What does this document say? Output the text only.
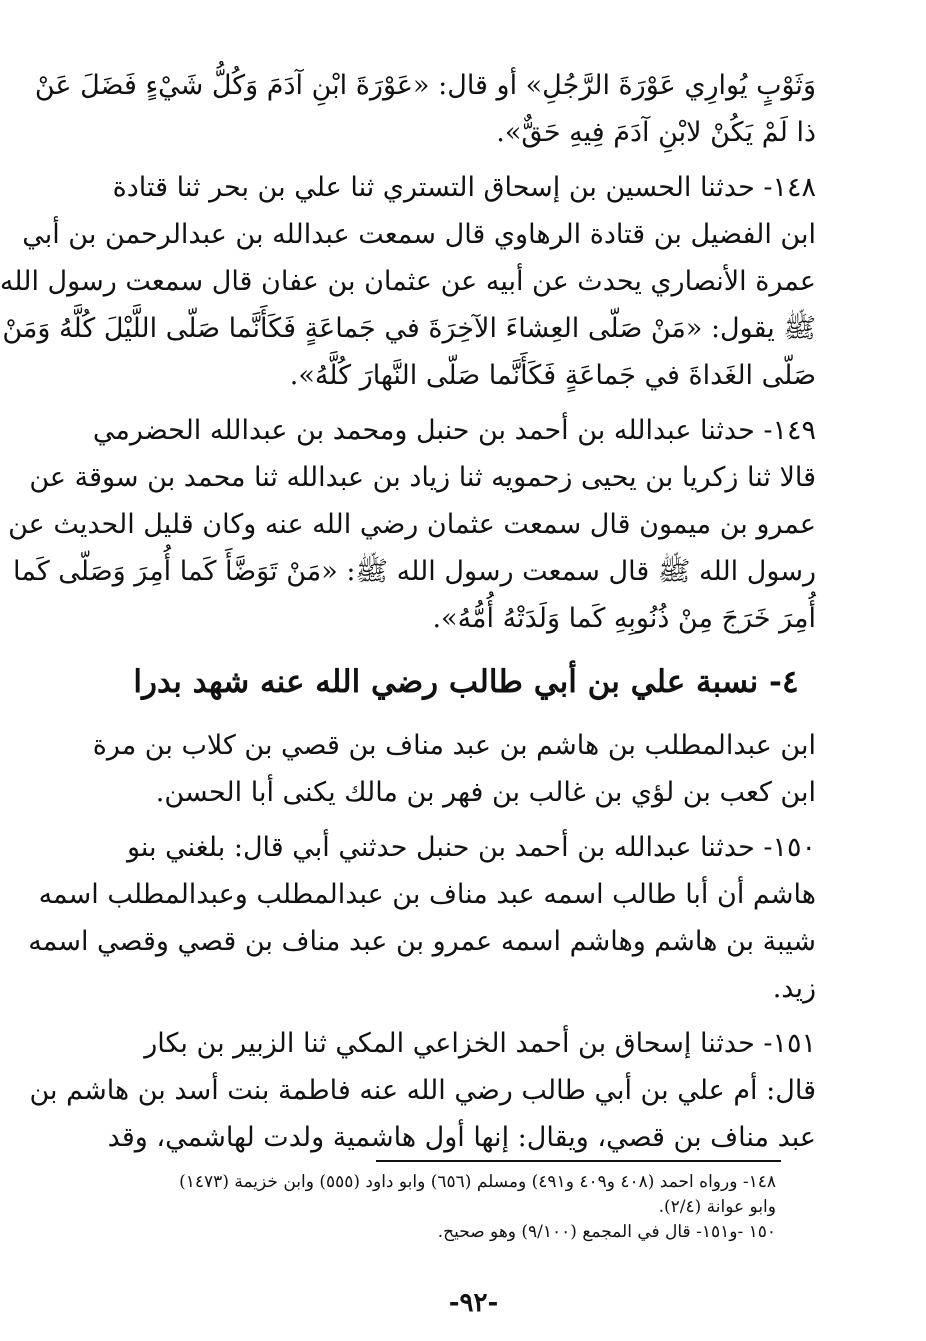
وَثَوْبٍ يُوارِي عَوْرَةَ الرَّجُلِ» أو قال: «عَوْرَةَ ابْنِ آدَمَ وَكُلُّ شَيْءٍ فَضَلَ عَنْ

ذا لَمْ يَكُنْ لابْنِ آدَمَ فِيهِ حَقٌّ».

١٤٨- حدثنا الحسين بن إسحاق التستري ثنا علي بن بحر ثنا قتادة

ابن الفضيل بن قتادة الرهاوي قال سمعت عبدالله بن عبدالرحمن بن أبي

عمرة الأنصاري يحدث عن أبيه عن عثمان بن عفان قال سمعت رسول الله

ﷺ يقول: «مَنْ صَلّى العِشاءَ الآخِرَةَ في جَماعَةٍ فَكَأَنَّما صَلّى اللَّيْلَ كُلَّهُ وَمَنْ

صَلّى الغَداةَ في جَماعَةٍ فَكَأَنَّما صَلّى النَّهارَ كُلَّهُ».

١٤٩- حدثنا عبدالله بن أحمد بن حنبل ومحمد بن عبدالله الحضرمي

قالا ثنا زكريا بن يحيى زحمويه ثنا زياد بن عبدالله ثنا محمد بن سوقة عن

عمرو بن ميمون قال سمعت عثمان رضي الله عنه وكان قليل الحديث عن

رسول الله ﷺ قال سمعت رسول الله ﷺ: «مَنْ تَوَضَّأَ كَما أُمِرَ وَصَلّى كَما

أُمِرَ خَرَجَ مِنْ ذُنُوبِهِ كَما وَلَدَتْهُ أُمُّهُ».

٤- نسبة علي بن أبي طالب رضي الله عنه شهد بدرا

ابن عبدالمطلب بن هاشم بن عبد مناف بن قصي بن كلاب بن مرة

ابن كعب بن لؤي بن غالب بن فهر بن مالك يكنى أبا الحسن.

١٥٠- حدثنا عبدالله بن أحمد بن حنبل حدثني أبي قال: بلغني بنو

هاشم أن أبا طالب اسمه عبد مناف بن عبدالمطلب وعبدالمطلب اسمه

شيبة بن هاشم وهاشم اسمه عمرو بن عبد مناف بن قصي وقصي اسمه

زيد.

١٥١- حدثنا إسحاق بن أحمد الخزاعي المكي ثنا الزبير بن بكار

قال: أم علي بن أبي طالب رضي الله عنه فاطمة بنت أسد بن هاشم بن

عبد مناف بن قصي، ويقال: إنها أول هاشمية ولدت لهاشمي، وقد

١٤٨- ورواه احمد (٤٠٨ و٤٠٩ و٤٩١) ومسلم (٦٥٦) وابو داود (٥٥٥) وابن خزيمة (١٤٧٣)

وابو عوانة (٢/٤).

١٥٠ -و١٥١- قال في المجمع (٩/١٠٠) وهو صحيح.

-٩٢-
